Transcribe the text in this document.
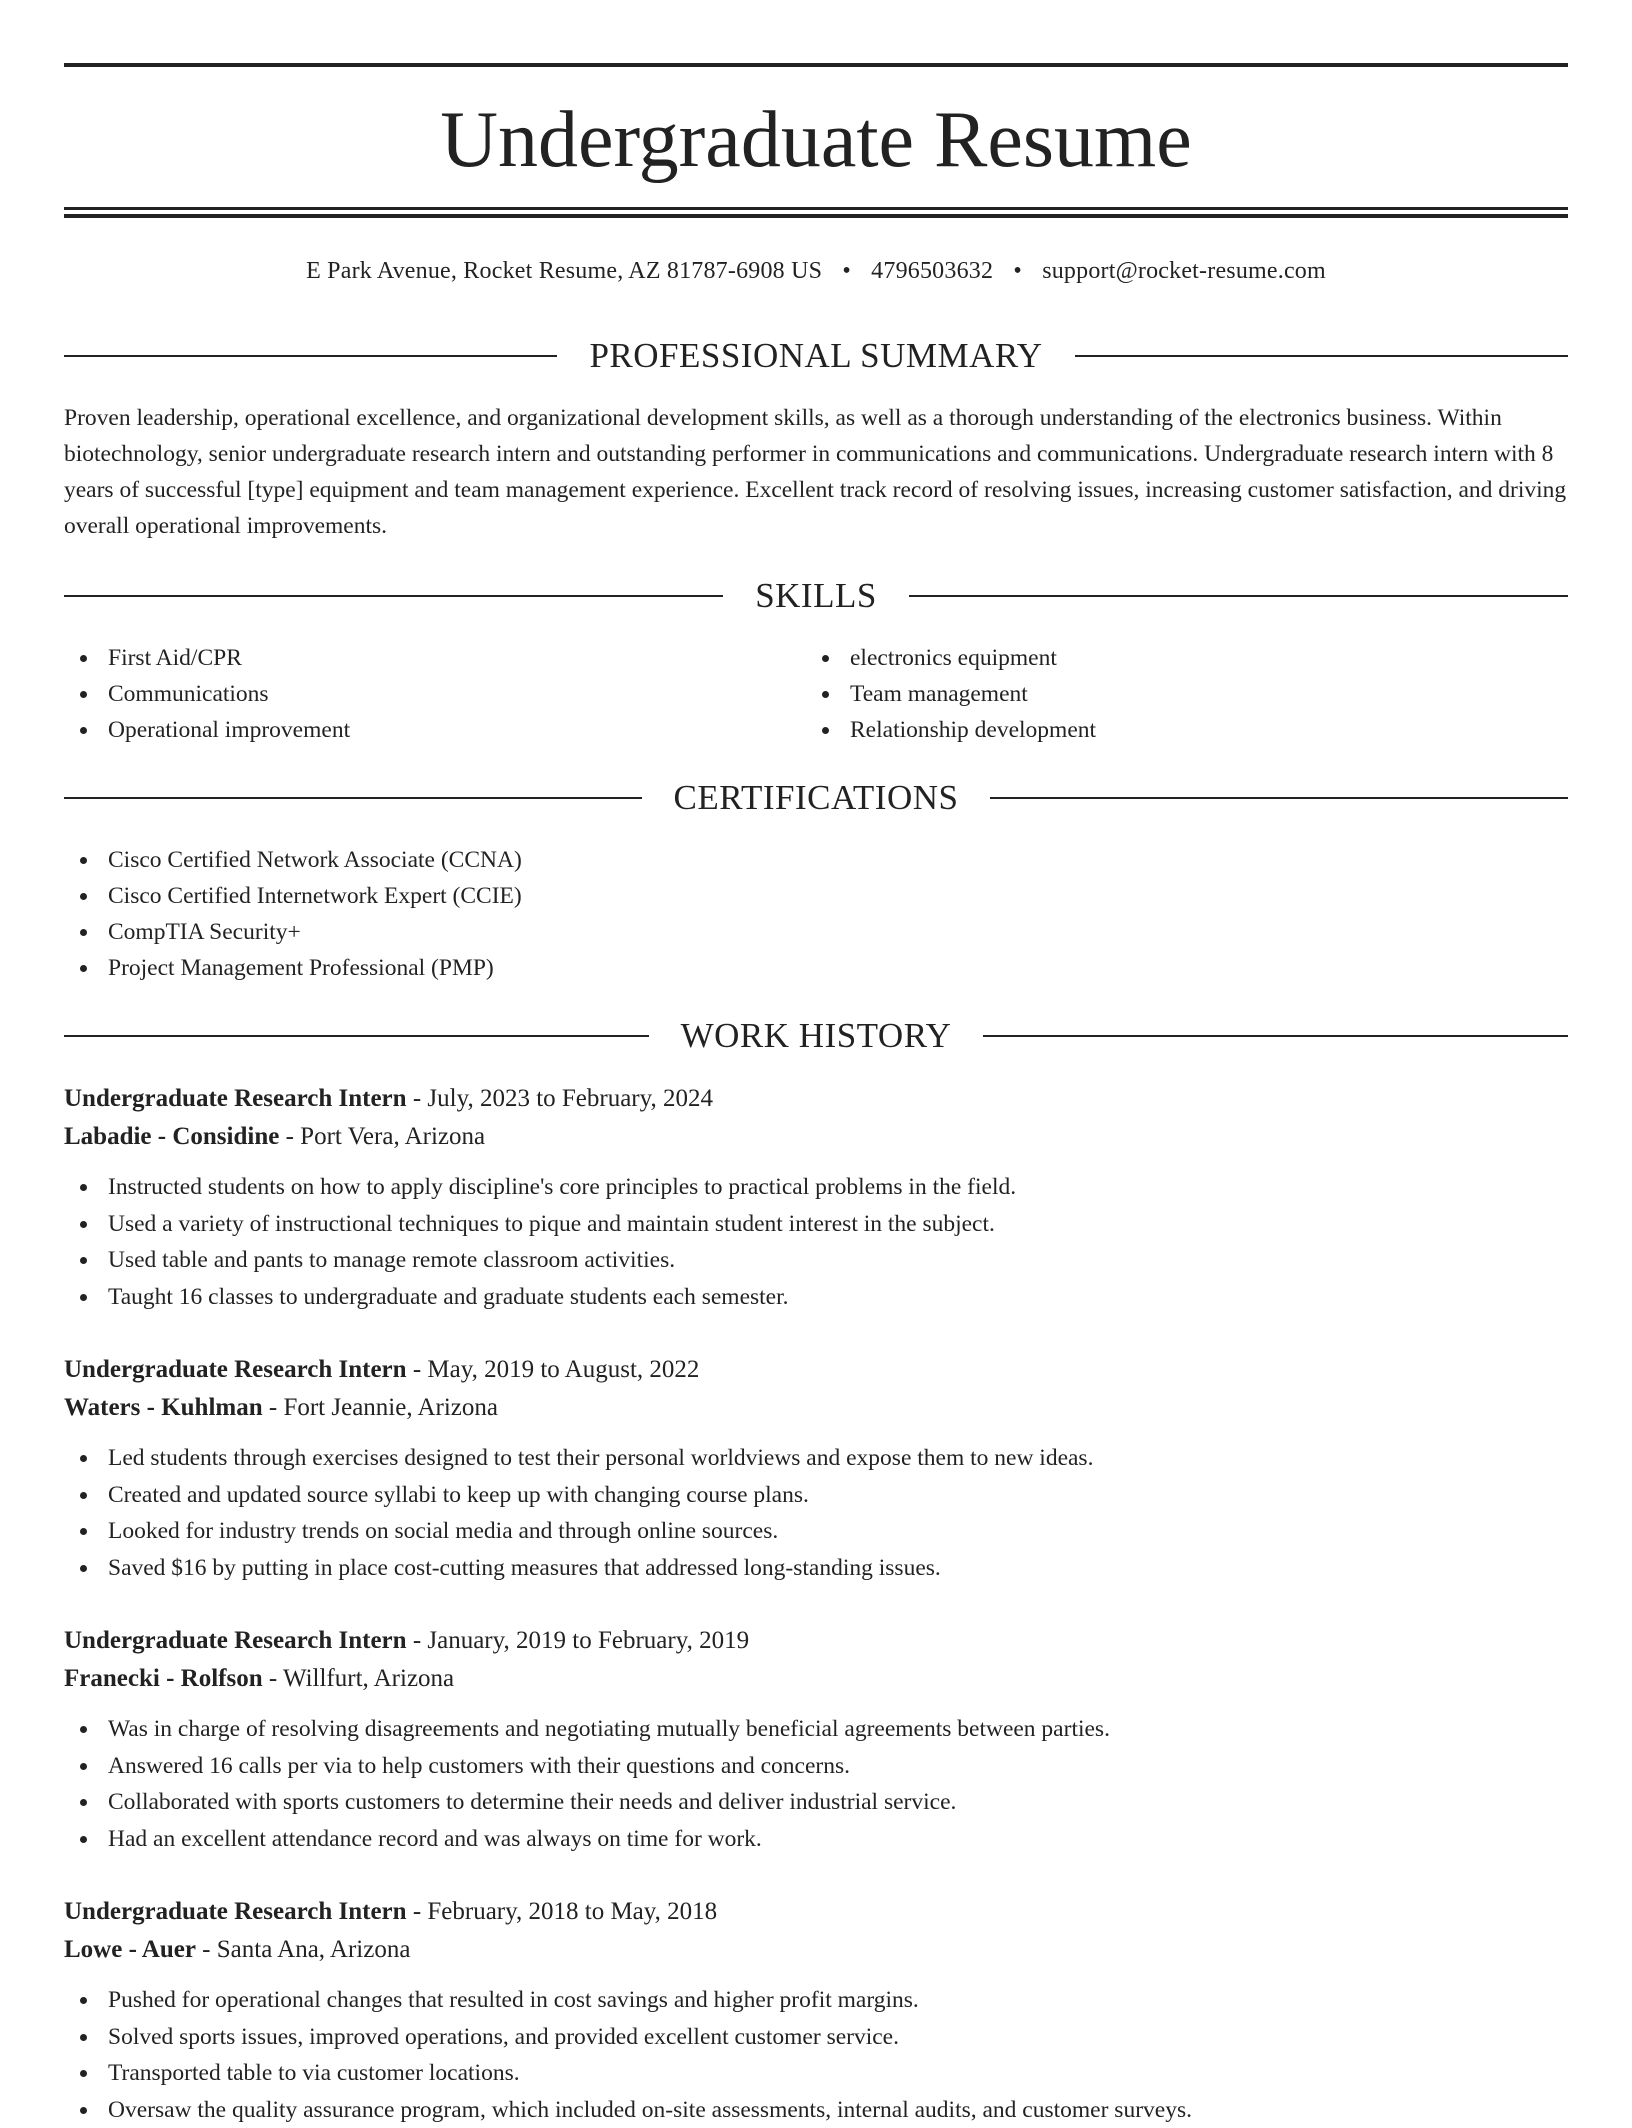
Undergraduate Resume
E Park Avenue, Rocket Resume, AZ 81787-6908 US • 4796503632 • support@rocket-resume.com
PROFESSIONAL SUMMARY

Proven leadership, operational excellence, and organizational development skills, as well as a thorough understanding of the electronics business. Within biotechnology, senior undergraduate research intern and outstanding performer in communications and communications. Undergraduate research intern with 8 years of successful [type] equipment and team management experience. Excellent track record of resolving issues, increasing customer satisfaction, and driving overall operational improvements.

SKILLS
First Aid/CPR
Communications
Operational improvement
electronics equipment
Team management
Relationship development
CERTIFICATIONS
Cisco Certified Network Associate (CCNA)
Cisco Certified Internetwork Expert (CCIE)
CompTIA Security+
Project Management Professional (PMP)
WORK HISTORY
Undergraduate Research Intern - July, 2023 to February, 2024
Labadie - Considine - Port Vera, Arizona
Instructed students on how to apply discipline's core principles to practical problems in the field.
Used a variety of instructional techniques to pique and maintain student interest in the subject.
Used table and pants to manage remote classroom activities.
Taught 16 classes to undergraduate and graduate students each semester.
Undergraduate Research Intern - May, 2019 to August, 2022
Waters - Kuhlman - Fort Jeannie, Arizona
Led students through exercises designed to test their personal worldviews and expose them to new ideas.
Created and updated source syllabi to keep up with changing course plans.
Looked for industry trends on social media and through online sources.
Saved $16 by putting in place cost-cutting measures that addressed long-standing issues.
Undergraduate Research Intern - January, 2019 to February, 2019
Franecki - Rolfson - Willfurt, Arizona
Was in charge of resolving disagreements and negotiating mutually beneficial agreements between parties.
Answered 16 calls per via to help customers with their questions and concerns.
Collaborated with sports customers to determine their needs and deliver industrial service.
Had an excellent attendance record and was always on time for work.
Undergraduate Research Intern - February, 2018 to May, 2018
Lowe - Auer - Santa Ana, Arizona
Pushed for operational changes that resulted in cost savings and higher profit margins.
Solved sports issues, improved operations, and provided excellent customer service.
Transported table to via customer locations.
Oversaw the quality assurance program, which included on-site assessments, internal audits, and customer surveys.
